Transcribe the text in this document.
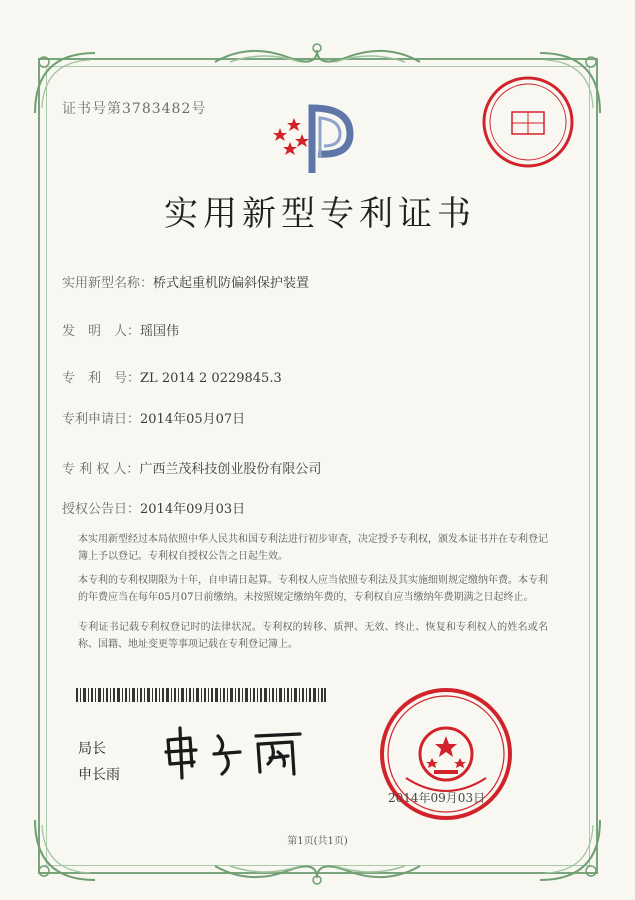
证书号第3783482号
实用新型专利证书
实用新型名称：桥式起重机防偏斜保护装置
发　明　人：瑶国伟
专　利　号：ZL 2014 2 0229845.3
专利申请日：2014年05月07日
专 利 权 人：广西兰茂科技创业股份有限公司
授权公告日：2014年09月03日
本实用新型经过本局依照中华人民共和国专利法进行初步审查，决定授予专利权，颁发本证书并在专利登记簿上予以登记。专利权自授权公告之日起生效。
本专利的专利权期限为十年，自申请日起算。专利权人应当依照专利法及其实施细则规定缴纳年费。本专利的年费应当在每年05月07日前缴纳。未按照规定缴纳年费的，专利权自应当缴纳年费期满之日起终止。
专利证书记载专利权登记时的法律状况。专利权的转移、质押、无效、终止、恢复和专利权人的姓名或名称、国籍、地址变更等事项记载在专利登记簿上。
局长
申长雨
2014年09月03日
第1页(共1页)
